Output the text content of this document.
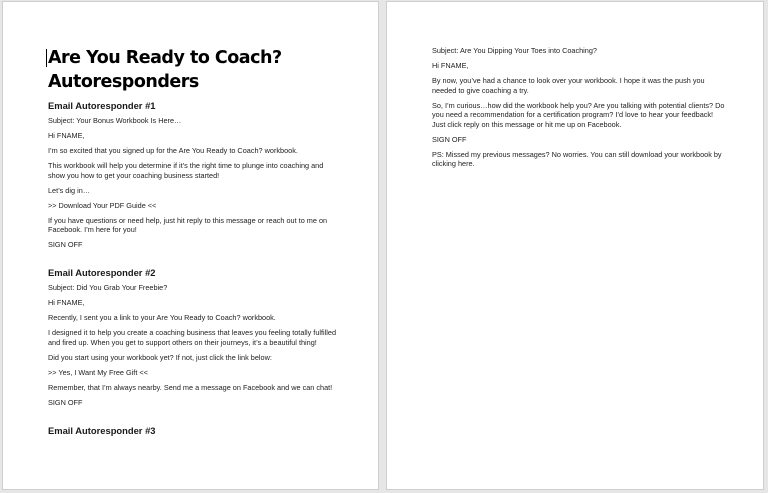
Are You Ready to Coach?
Autoresponders
Email Autoresponder #1
Subject: Your Bonus Workbook Is Here…
Hi FNAME,
I’m so excited that you signed up for the Are You Ready to Coach? workbook.
This workbook will help you determine if it’s the right time to plunge into coaching and show you how to get your coaching business started!
Let’s dig in…
>> Download Your PDF Guide <<
If you have questions or need help, just hit reply to this message or reach out to me on Facebook. I’m here for you!
SIGN OFF
Email Autoresponder #2
Subject: Did You Grab Your Freebie?
Hi FNAME,
Recently, I sent you a link to your Are You Ready to Coach? workbook.
I designed it to help you create a coaching business that leaves you feeling totally fulfilled and fired up. When you get to support others on their journeys, it’s a beautiful thing!
Did you start using your workbook yet? If not, just click the link below:
>> Yes, I Want My Free Gift <<
Remember, that I’m always nearby. Send me a message on Facebook and we can chat!
SIGN OFF
Email Autoresponder #3
Subject: Are You Dipping Your Toes into Coaching?
Hi FNAME,
By now, you’ve had a chance to look over your workbook. I hope it was the push you needed to give coaching a try.
So, I’m curious…how did the workbook help you? Are you talking with potential clients? Do you need a recommendation for a certification program? I’d love to hear your feedback! Just click reply on this message or hit me up on Facebook.
SIGN OFF
PS: Missed my previous messages? No worries. You can still download your workbook by clicking here.
